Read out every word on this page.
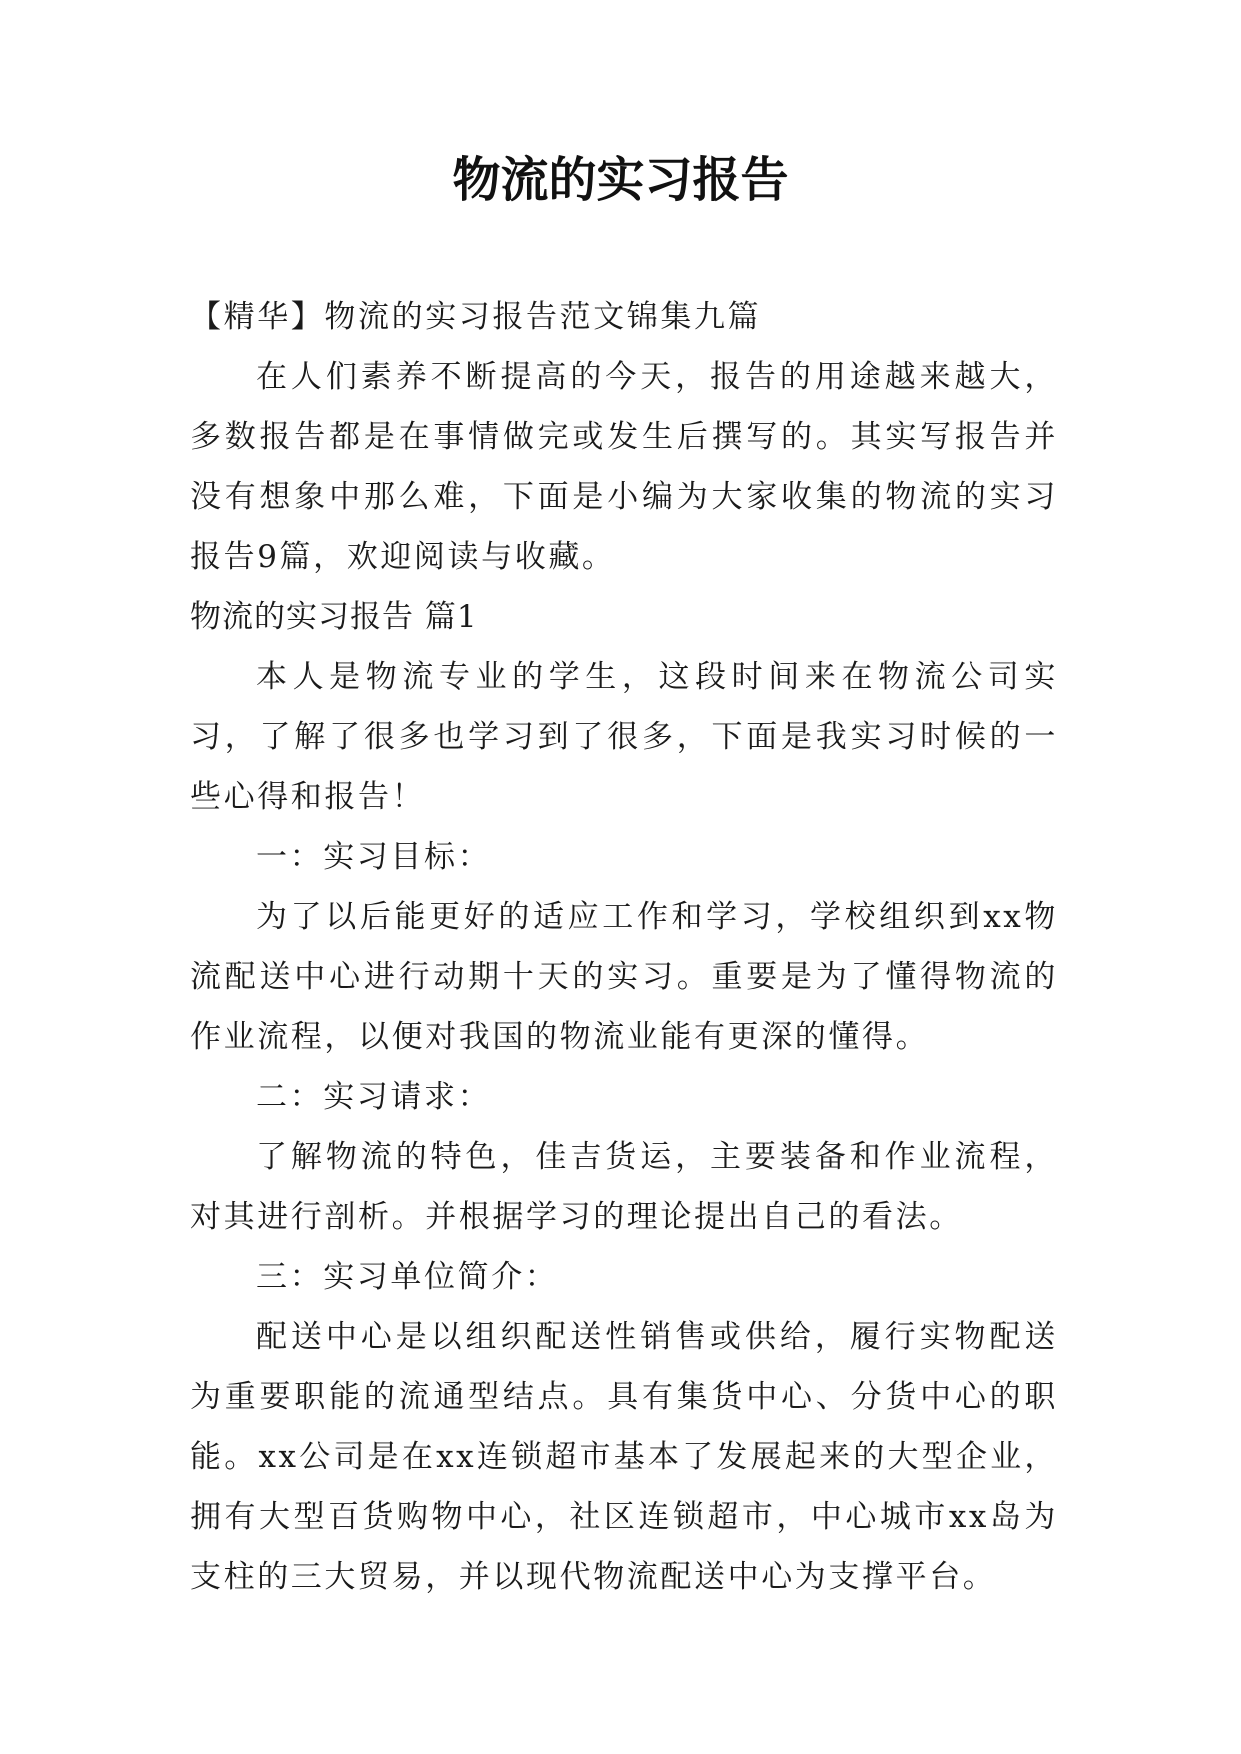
物流的实习报告

【精华】物流的实习报告范文锦集九篇

在人们素养不断提高的今天，报告的用途越来越大，多数报告都是在事情做完或发生后撰写的。其实写报告并没有想象中那么难，下面是小编为大家收集的物流的实习报告9篇，欢迎阅读与收藏。

物流的实习报告 篇1

本人是物流专业的学生，这段时间来在物流公司实习，了解了很多也学习到了很多，下面是我实习时候的一些心得和报告！

一：实习目标：

为了以后能更好的适应工作和学习，学校组织到xx物流配送中心进行动期十天的实习。重要是为了懂得物流的作业流程，以便对我国的物流业能有更深的懂得。

二：实习请求：

了解物流的特色，佳吉货运，主要装备和作业流程，对其进行剖析。并根据学习的理论提出自己的看法。

三：实习单位简介：

配送中心是以组织配送性销售或供给，履行实物配送为重要职能的流通型结点。具有集货中心、分货中心的职能。xx公司是在xx连锁超市基本了发展起来的大型企业，拥有大型百货购物中心，社区连锁超市，中心城市xx岛为支柱的三大贸易，并以现代物流配送中心为支撑平台。
